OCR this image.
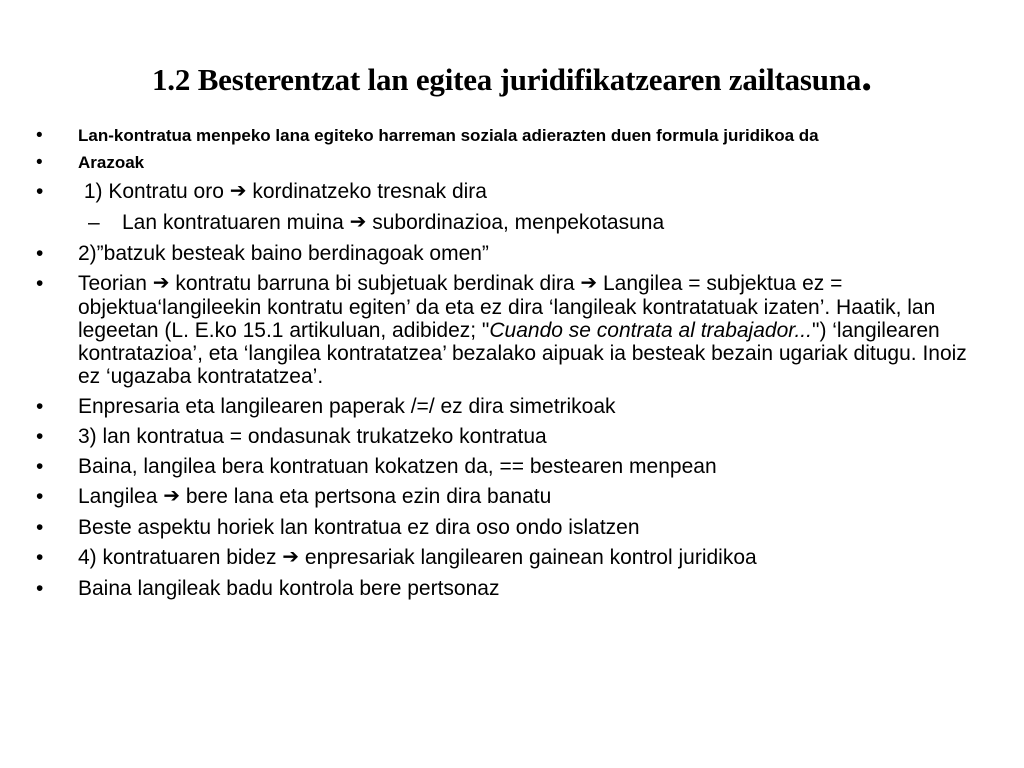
1.2 Besterentzat lan egitea juridifikatzearen zailtasuna.
• Lan-kontratua menpeko lana egiteko harreman soziala adierazten duen formula juridikoa da
• Arazoak
• 1) Kontratu oro ➔ kordinatzeko tresnak dira
– Lan kontratuaren muina ➔ subordinazioa, menpekotasuna
• 2)”batzuk besteak baino berdinagoak omen”
• Teorian ➔ kontratu barruna bi subjetuak berdinak dira ➔ Langilea = subjektua ez = objektua‘langileekin kontratu egiten’ da eta ez dira ‘langileak kontratatuak izaten’. Haatik, lan legeetan (L. E.ko 15.1 artikuluan, adibidez; "Cuando se contrata al trabajador...") ‘langilearen kontratazioa’, eta ‘langilea kontratatzea’ bezalako aipuak ia besteak bezain ugariak ditugu. Inoiz ez ‘ugazaba kontratatzea’.
• Enpresaria eta langilearen paperak /=/ ez dira simetrikoak
• 3) lan kontratua = ondasunak trukatzeko kontratua
• Baina, langilea bera kontratuan kokatzen da, == bestearen menpean
• Langilea ➔ bere lana eta pertsona ezin dira banatu
• Beste aspektu horiek lan kontratua ez dira oso ondo islatzen
• 4) kontratuaren bidez ➔ enpresariak langilearen gainean kontrol juridikoa
• Baina langileak badu kontrola bere pertsonaz
